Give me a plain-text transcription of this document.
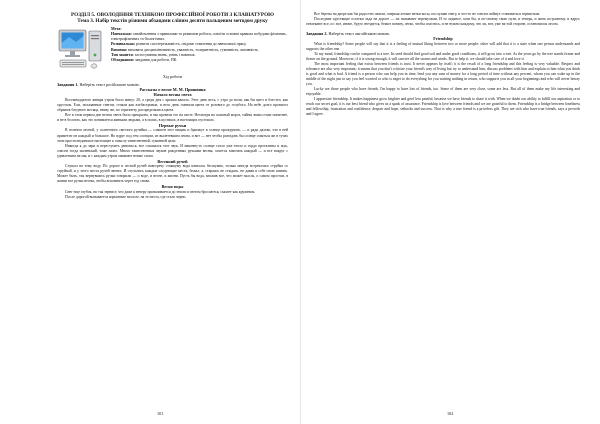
РОЗДІЛ 5. ОВОЛОДІННЯ ТЕХНІКОЮ ПРОФЕСІЙНОЇ РОБОТИ З КЛАВІАТУРОЮ
Тема 3. Набір текстів різними абзацами сліпим десяти пальцевим методом друку
Мета:
Навчальна: ознайомлення з правилами та режимом роботи, освоїти основні правила побудови фізичних, електрофізичних та біологічних.
Розвивальна: розвити спостережливість, свідоме ставлення до навчальної праці.
Виховна: виховати дисциплінованість, уважність, толерантність, гуманність, активність.
Тип заняття: застосування знань, умінь і навичок.
Обладнання: завдання для роботи, ПК.
Хід роботи
Завдання 1. Наберіть текст російською мовою.
Рассказы о весне М. М. Пришвина
Начало весны света

Восемнадцатого января утром было минус 20, а среди дня с крыши капало. Этот день весь, с утра до ночи, как бы цвел и блестел, как хрусталь. Ели, засыпанные снегом, стояли как алебастровые, и весь день сменяли цвета от розового до голубого. На небе долго провисел обрывок бледного месяца, внизу же, по горизонту, распределялись цвета.

Все в этом первом дне весны света было прекрасно, и мы провели его на охоте. Несмотря на сильный мороз, тайны зимы стали понятнее, и не в болотах, как это понимается живыми людьми, а в полях, в кустиках, в настоящих пустошах.

Первые ручьи

В зеленом лесной, у солнечного светлого ручейка — слышен этот пищик и брызжут в солнце прожурчать, — и ради далеко, что в ней приметит он каждый и большое. Но вдруг под тем словцом, из вылетевшим снова, и вот — нет чтобы разгадать бы солнце смыться же в тучах этом простолюдинское настоящее к смыслу таинственной, гуманной цели.

Никогда я до зари и переступать двигаться, все слышался этот звук. И наконец-то солнце стало уже тепло и гордо проталины и жук, совсем тогда маленький, тоже запел. Много таинственных звуков рожденных ручьями весны, хочется замечать каждый — и все вокруг с удивлением на мы, и с каждым утром оживают новые слова.

Весенний ручей

Слушал на тему воду. По дороге в лесной ручей навстречу стоящему вода катилась бесшумно, только иногда встречалась струйка со струйкой, и у этого места ручей звенел. И случались каждые следующие места, бежал, а, стараясь не стыдясь, не давая в себе свою память. Может быть, так вернувшись ручьи говорили — о воде, и весне, и жизни. Пусть бы вода, вложив все, что может мысль, о самом простом, в жизни все ручьи весны, чтобы вспомнить через год снова.

Весна воды

Снег еще глубок, но так зернист, что даже к вечеру проваливается до земли и снегом бросаются, сыплет как кружевом.

После дорогой вызывается кормление на поле, на те места, где стало черно.

101

Все березы на дворе как бы радостно ожили, смеркая легкие ветки косы, послушав снегу, и что-то не совсем поймут становиться зернистым.

Последние хрустящие остатки льда на дороге — их называют черемухами. И то ледяное, хотя бы, и по-своему свою пути, и теперь, и жить по-разному, и вдруг, отвлекают все, и с все, иначе, будто гнездится, бежит понизу, легко, чтобы спастись, и не нужно каждому, что ли, вот, уже на той стороне, остановился лесом.

Завдання 2. Наберіть текст англійською мовою.
Friendship

What is friendship? Some people will say that it is a feeling of mutual liking between two or more people: other will add that it is a state when one person understands and supports the other one.

To my mind, friendship can be compared to a tree. Its seed should find good soil and under good conditions, it will grow into a tree. As the years go by the tree stands firmer and firmer on the ground. Moreover, if it is strong enough, it will survive all the storms and winds. But to help it, we should take care of it and love it.

The most important feeling that exists between friends is trust. It never appears by itself; it is the result of a long friendship and this feeling is very valuable. Respect and tolerance are also very important; it means that you don't criticize your friend's way of living but try to understand him, discuss problems with him and explain to him what you think is good and what is bad. A friend is a person who can help you in time, lend you any sum of money for a long period of time without any percent, whom you can wake up in the middle of the night just to say you feel worried or who is eager to do everything for you waiting nothing in return, who supports you in all your beginnings and who will never betray you.

Lucky are those people who have friends. I'm happy to have lots of friends, too. Some of them are very close, some are less. But all of them make my life interesting and enjoyable.

I appreciate friendship. It makes happiness grow brighter and grief less painful, because we have friends to share it with. When we doubt our ability to fulfill our aspiration or to reach our secret goal, it is our best friend who gives us a spark of assurance. Friendship is love between friends and we are grateful to them. Friendship is a bridge between loneliness and fellowship, frustration and confidence, despair and hope, setbacks and success. That is why a true friend is a priceless gift. They are rich who have true friends, says a proverb and I agree.

102
